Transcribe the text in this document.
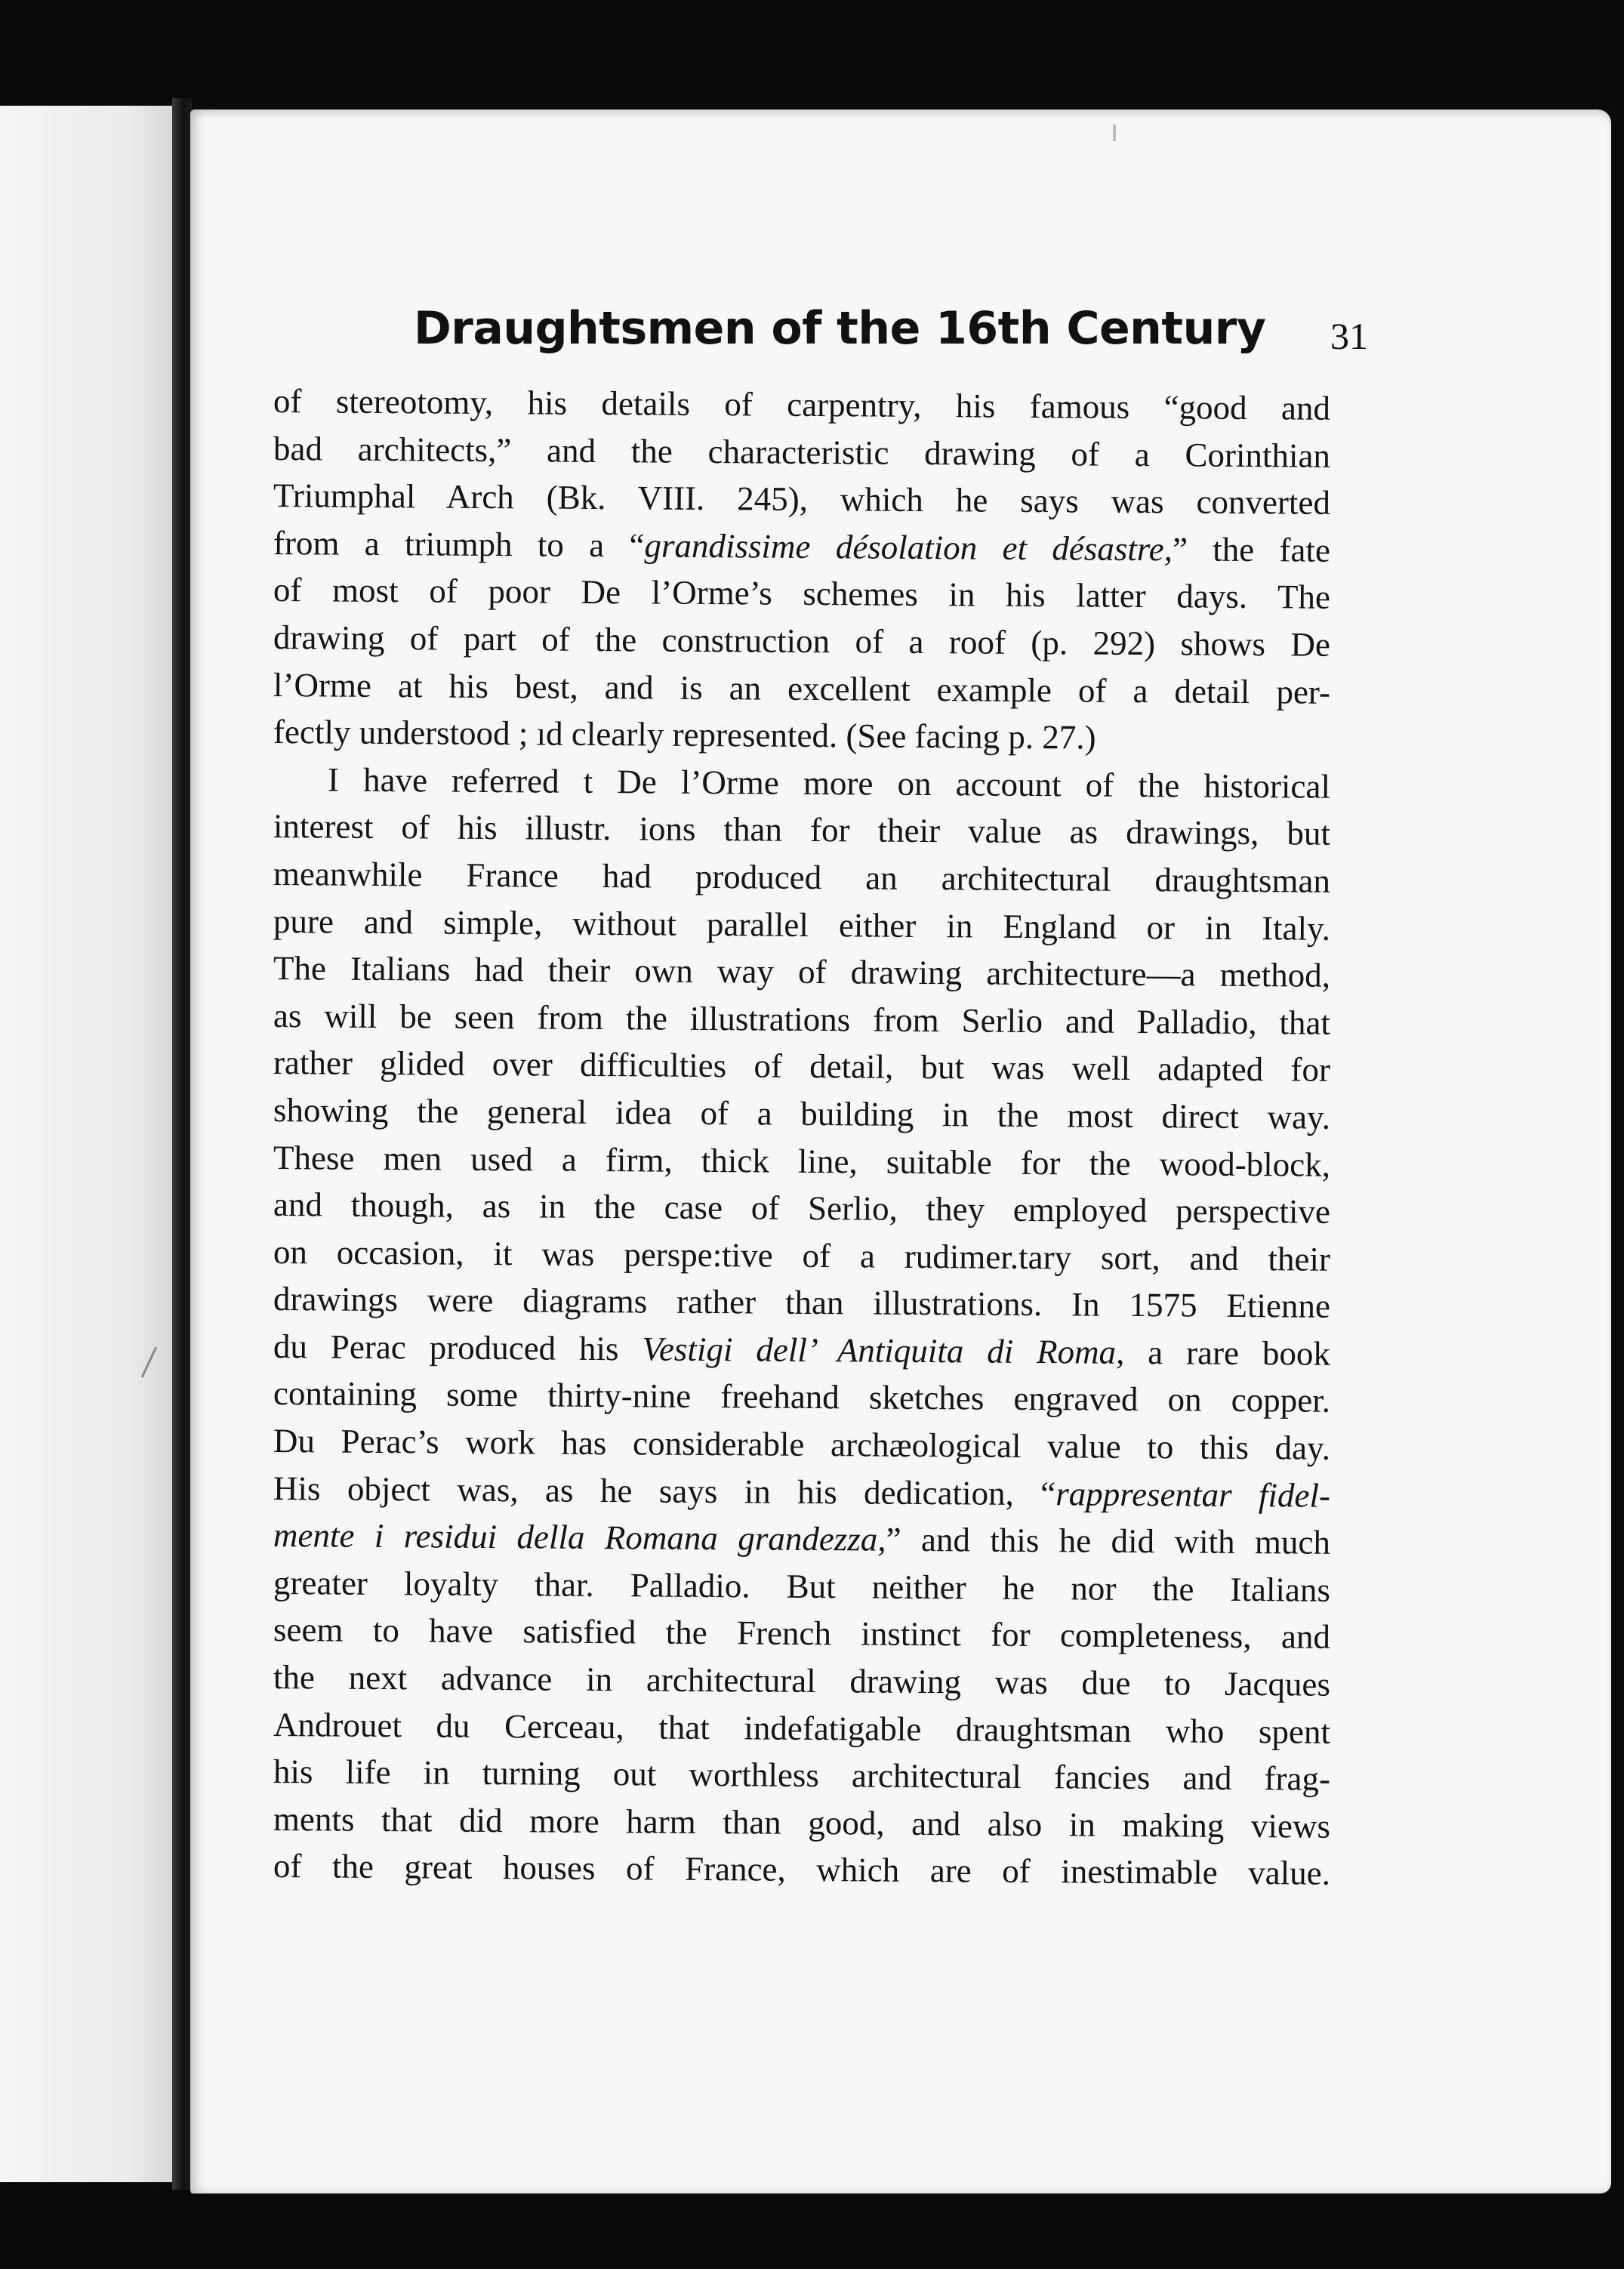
Draughtsmen of the 16th Century 31
of stereotomy, his details of carpentry, his famous “good and
bad architects,” and the characteristic drawing of a Corinthian
Triumphal Arch (Bk. VIII. 245), which he says was converted
from a triumph to a “grandissime désolation et désastre,” the fate
of most of poor De l’Orme’s schemes in his latter days. The
drawing of part of the construction of a roof (p. 292) shows De
l’Orme at his best, and is an excellent example of a detail per-
fectly understood ; ıd clearly represented. (See facing p. 27.)
I have referred t De l’Orme more on account of the historical
interest of his illustr. ions than for their value as drawings, but
meanwhile France had produced an architectural draughtsman
pure and simple, without parallel either in England or in Italy.
The Italians had their own way of drawing architecture—a method,
as will be seen from the illustrations from Serlio and Palladio, that
rather glided over difficulties of detail, but was well adapted for
showing the general idea of a building in the most direct way.
These men used a firm, thick line, suitable for the wood-block,
and though, as in the case of Serlio, they employed perspective
on occasion, it was perspe:tive of a rudimer.tary sort, and their
drawings were diagrams rather than illustrations. In 1575 Etienne
du Perac produced his Vestigi dell’ Antiquita di Roma, a rare book
containing some thirty-nine freehand sketches engraved on copper.
Du Perac’s work has considerable archæological value to this day.
His object was, as he says in his dedication, “rappresentar fidel-
mente i residui della Romana grandezza,” and this he did with much
greater loyalty thar. Palladio. But neither he nor the Italians
seem to have satisfied the French instinct for completeness, and
the next advance in architectural drawing was due to Jacques
Androuet du Cerceau, that indefatigable draughtsman who spent
his life in turning out worthless architectural fancies and frag-
ments that did more harm than good, and also in making views
of the great houses of France, which are of inestimable value.
